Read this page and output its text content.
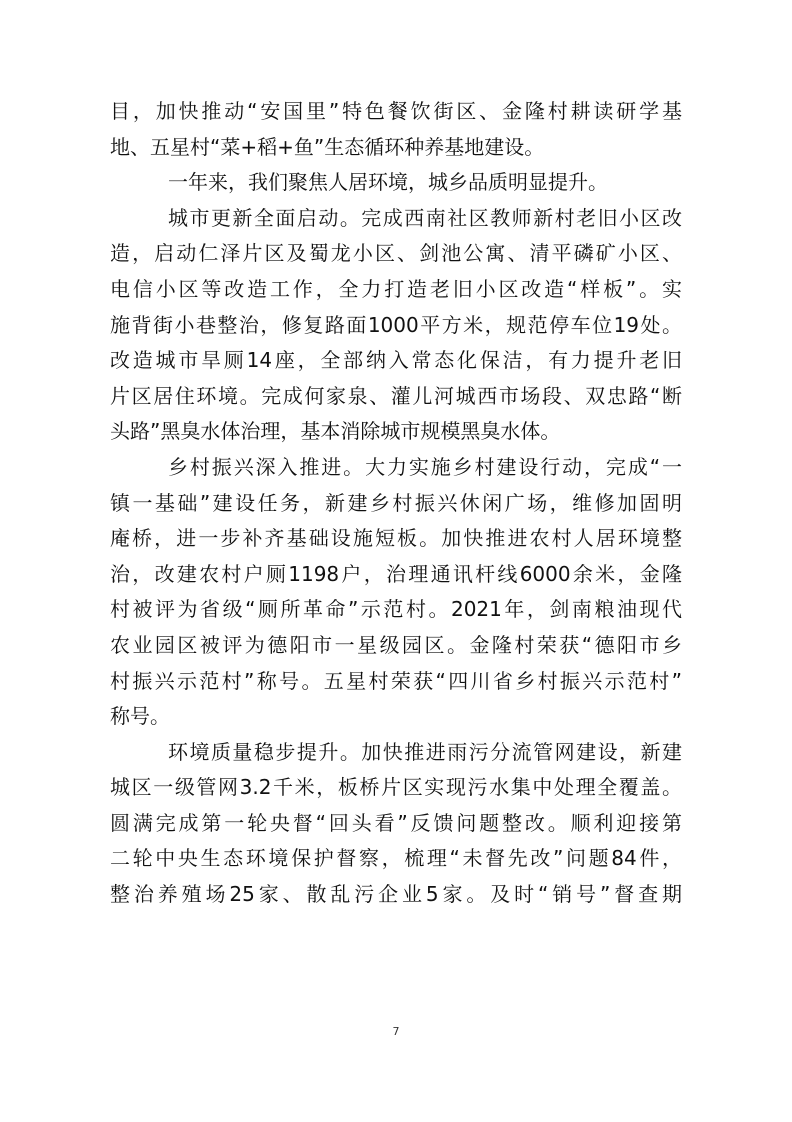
目，加快推动“安国里”特色餐饮街区、金隆村耕读研学基
地、五星村“菜+稻+鱼”生态循环种养基地建设。
一年来，我们聚焦人居环境，城乡品质明显提升。
城市更新全面启动。完成西南社区教师新村老旧小区改
造，启动仁泽片区及蜀龙小区、剑池公寓、清平磷矿小区、
电信小区等改造工作，全力打造老旧小区改造“样板”。实
施背街小巷整治，修复路面1000平方米，规范停车位19处。
改造城市旱厕14座，全部纳入常态化保洁，有力提升老旧
片区居住环境。完成何家泉、灌儿河城西市场段、双忠路“断
头路”黑臭水体治理，基本消除城市规模黑臭水体。
乡村振兴深入推进。大力实施乡村建设行动，完成“一
镇一基础”建设任务，新建乡村振兴休闲广场，维修加固明
庵桥，进一步补齐基础设施短板。加快推进农村人居环境整
治，改建农村户厕1198户，治理通讯杆线6000余米，金隆
村被评为省级“厕所革命”示范村。2021年，剑南粮油现代
农业园区被评为德阳市一星级园区。金隆村荣获“德阳市乡
村振兴示范村”称号。五星村荣获“四川省乡村振兴示范村”
称号。
环境质量稳步提升。加快推进雨污分流管网建设，新建
城区一级管网3.2千米，板桥片区实现污水集中处理全覆盖。
圆满完成第一轮央督“回头看”反馈问题整改。顺利迎接第
二轮中央生态环境保护督察，梳理“未督先改”问题84件，
整治养殖场25家、散乱污企业5家。及时“销号”督查期
7
